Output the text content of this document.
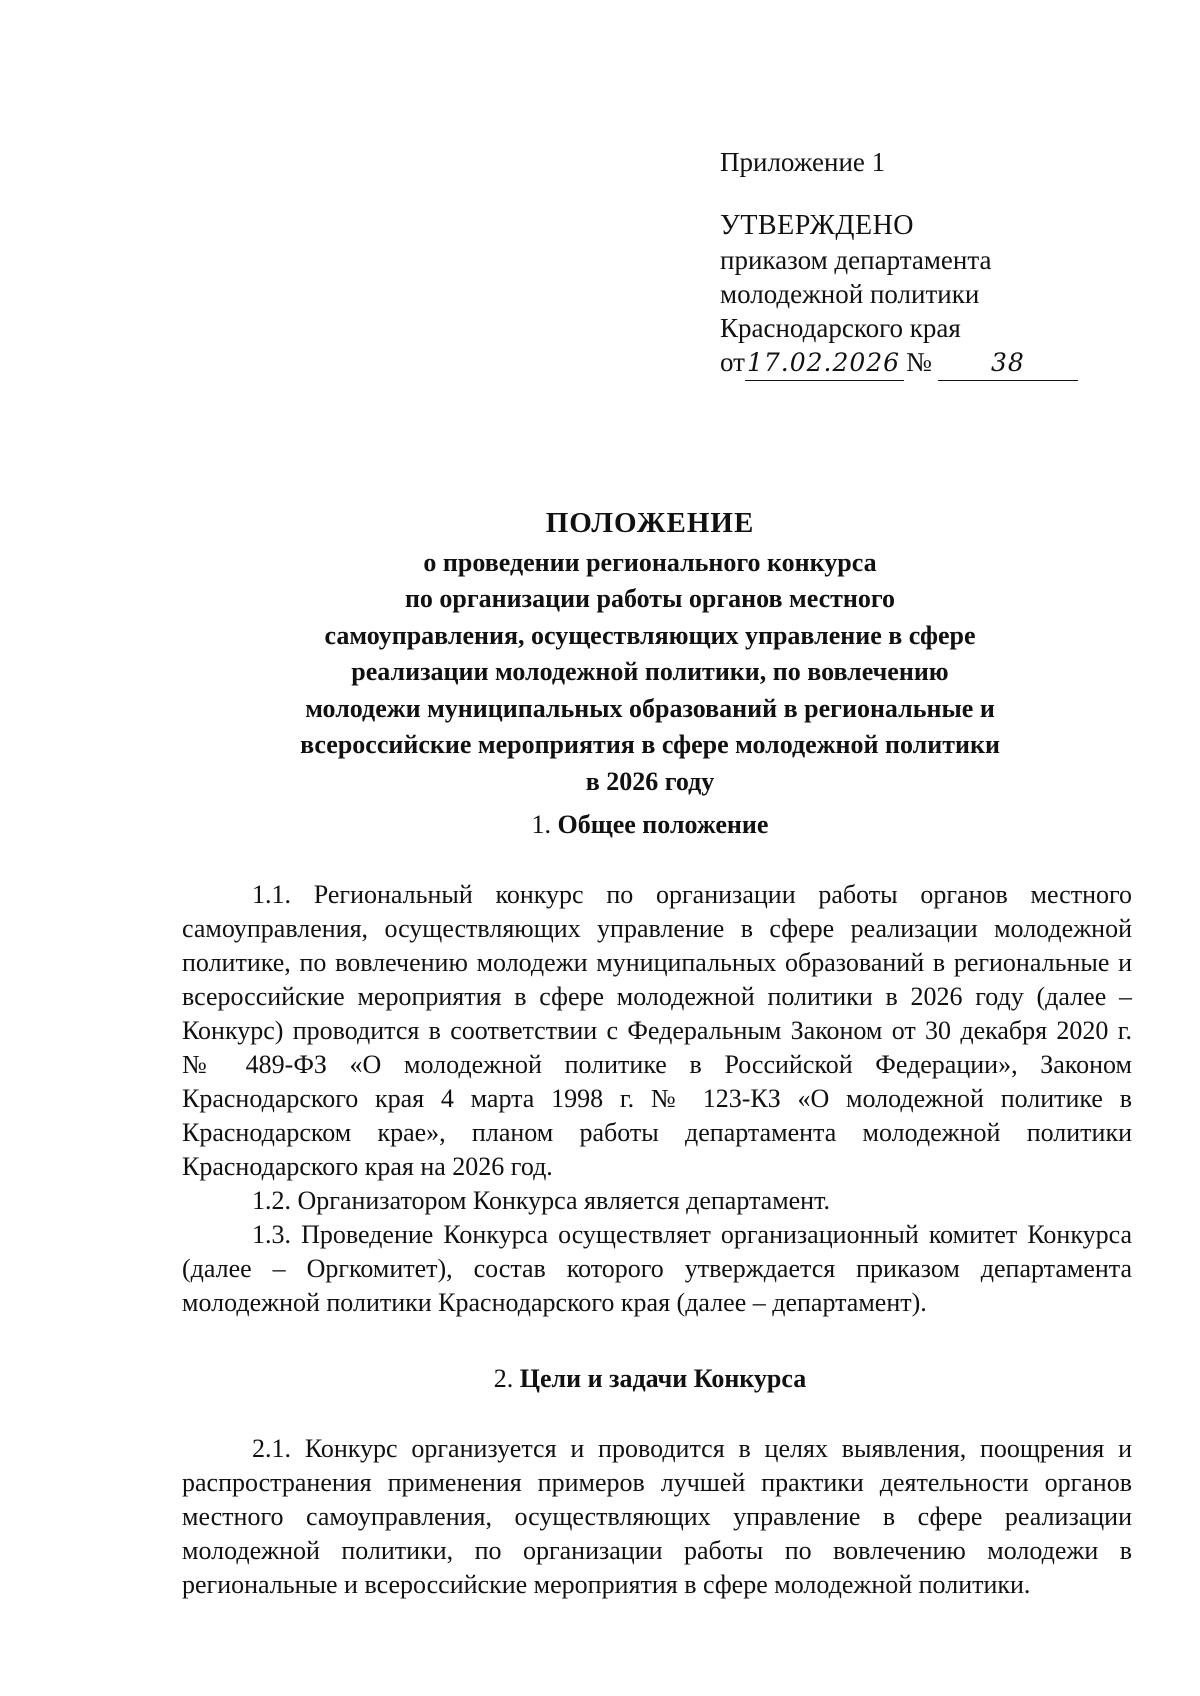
Приложение 1

УТВЕРЖДЕНО

приказом департамента

молодежной политики

Краснодарского края

от 17.02.2026 №	38

ПОЛОЖЕНИЕ

о проведении регионального конкурса

по организации работы органов местного

самоуправления, осуществляющих управление в сфере

реализации молодежной политики, по вовлечению

молодежи муниципальных образований в региональные и

всероссийские мероприятия в сфере молодежной политики

в 2026 году

1. Общее положение

1.1. Региональный конкурс по организации работы органов местного самоуправления, осуществляющих управление в сфере реализации молодежной политике, по вовлечению молодежи муниципальных образований в региональные и всероссийские мероприятия в сфере молодежной политики в 2026 году (далее – Конкурс) проводится в соответствии с Федеральным Законом от 30 декабря 2020 г. № 489-ФЗ «О молодежной политике в Российской Федерации», Законом Краснодарского края 4 марта 1998 г. № 123-КЗ «О молодежной политике в Краснодарском крае», планом работы департамента молодежной политики Краснодарского края на 2026 год.

1.2. Организатором Конкурса является департамент.

1.3. Проведение Конкурса осуществляет организационный комитет Конкурса (далее – Оргкомитет), состав которого утверждается приказом департамента молодежной политики Краснодарского края (далее – департамент).

2. Цели и задачи Конкурса

2.1. Конкурс организуется и проводится в целях выявления, поощрения и распространения применения примеров лучшей практики деятельности органов местного самоуправления, осуществляющих управление в сфере реализации молодежной политики, по организации работы по вовлечению молодежи в региональные и всероссийские мероприятия в сфере молодежной политики.
